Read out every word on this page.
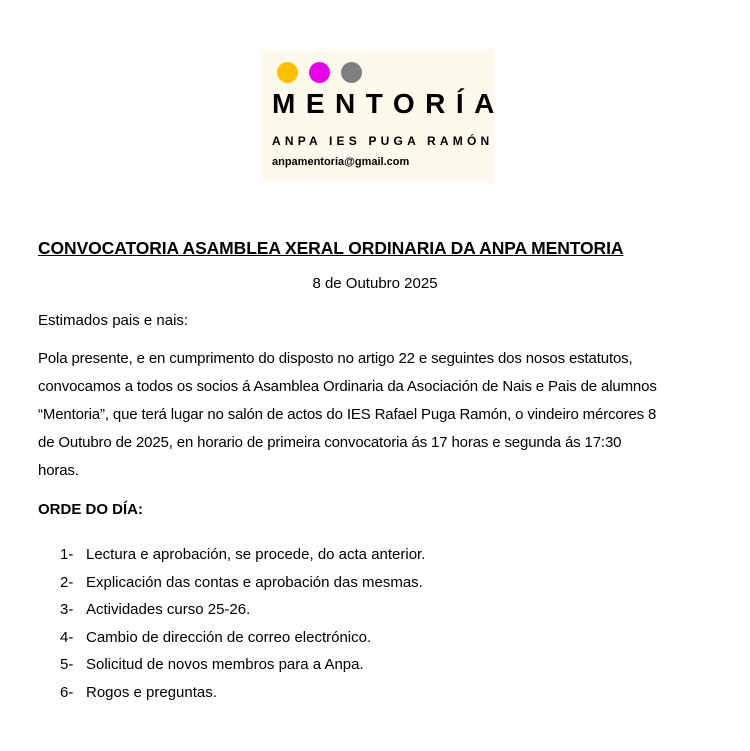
MENTORÍA
ANPA IES PUGA RAMÓN
anpamentoria@gmail.com
CONVOCATORIA ASAMBLEA XERAL ORDINARIA DA ANPA MENTORIA
8 de Outubro 2025
Estimados pais e nais:
Pola presente, e en cumprimento do disposto no artigo 22 e seguintes dos nosos estatutos,
convocamos a todos os socios á Asamblea Ordinaria da Asociación de Nais e Pais de alumnos
“Mentoria”, que terá lugar no salón de actos do IES Rafael Puga Ramón, o vindeiro mércores 8
de Outubro de 2025, en horario de primeira convocatoria ás 17 horas e segunda ás 17:30
horas.
ORDE DO DÍA:
1- Lectura e aprobación, se procede, do acta anterior.
2- Explicación das contas e aprobación das mesmas.
3- Actividades curso 25-26.
4- Cambio de dirección de correo electrónico.
5- Solicitud de novos membros para a Anpa.
6- Rogos e preguntas.
